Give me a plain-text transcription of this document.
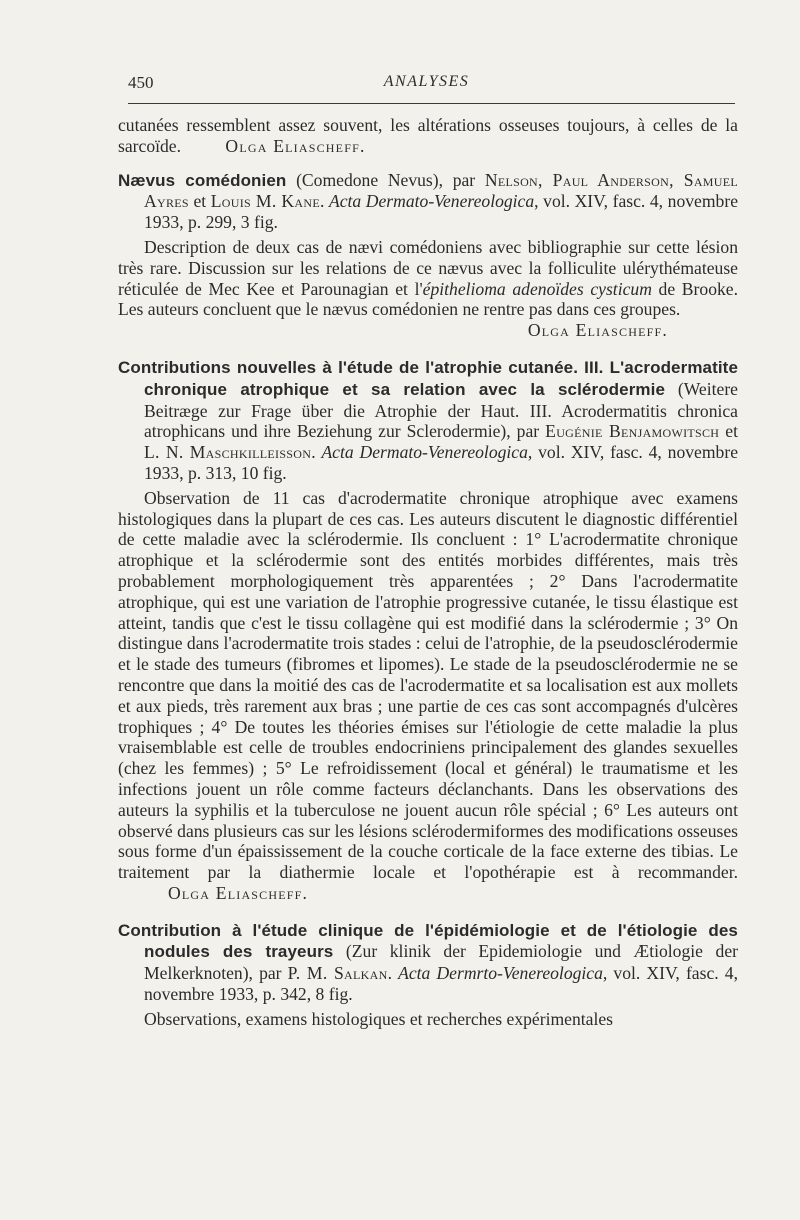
450	ANALYSES

cutanées ressemblent assez souvent, les altérations osseuses toujours, à celles de la sarcoïde.	Olga Eliascheff.

Nævus comédonien (Comedone Nevus), par Nelson, Paul Anderson, Samuel Ayres et Louis M. Kane. Acta Dermato-Venereologica, vol. XIV, fasc. 4, novembre 1933, p. 299, 3 fig.

Description de deux cas de nævi comédoniens avec bibliographie sur cette lésion très rare. Discussion sur les relations de ce nævus avec la folliculite ulérythémateuse réticulée de Mec Kee et Parounagian et l'épithelioma adenoïdes cysticum de Brooke. Les auteurs concluent que le nævus comédonien ne rentre pas dans ces groupes.

Olga Eliascheff.

Contributions nouvelles à l'étude de l'atrophie cutanée. III. L'acrodermatite chronique atrophique et sa relation avec la sclérodermie (Weitere Beitræge zur Frage über die Atrophie der Haut. III. Acrodermatitis chronica atrophicans und ihre Beziehung zur Sclerodermie), par Eugénie Benjamowitsch et L. N. Maschkilleisson. Acta Dermato-Venereologica, vol. XIV, fasc. 4, novembre 1933, p. 313, 10 fig.

Observation de 11 cas d'acrodermatite chronique atrophique avec examens histologiques dans la plupart de ces cas. Les auteurs discutent le diagnostic différentiel de cette maladie avec la sclérodermie. Ils concluent : 1° L'acrodermatite chronique atrophique et la sclérodermie sont des entités morbides différentes, mais très probablement morphologiquement très apparentées ; 2° Dans l'acrodermatite atrophique, qui est une variation de l'atrophie progressive cutanée, le tissu élastique est atteint, tandis que c'est le tissu collagène qui est modifié dans la sclérodermie ; 3° On distingue dans l'acrodermatite trois stades : celui de l'atrophie, de la pseudosclérodermie et le stade des tumeurs (fibromes et lipomes). Le stade de la pseudosclérodermie ne se rencontre que dans la moitié des cas de l'acrodermatite et sa localisation est aux mollets et aux pieds, très rarement aux bras ; une partie de ces cas sont accompagnés d'ulcères trophiques ; 4° De toutes les théories émises sur l'étiologie de cette maladie la plus vraisemblable est celle de troubles endocriniens principalement des glandes sexuelles (chez les femmes) ; 5° Le refroidissement (local et général) le traumatisme et les infections jouent un rôle comme facteurs déclanchants. Dans les observations des auteurs la syphilis et la tuberculose ne jouent aucun rôle spécial ; 6° Les auteurs ont observé dans plusieurs cas sur les lésions sclérodermiformes des modifications osseuses sous forme d'un épaississement de la couche corticale de la face externe des tibias. Le traitement par la diathermie locale et l'opothérapie est à recommander. Olga Eliascheff.

Contribution à l'étude clinique de l'épidémiologie et de l'étiologie des nodules des trayeurs (Zur klinik der Epidemiologie und Ætiologie der Melkerknoten), par P. M. Salkan. Acta Dermrto-Venereologica, vol. XIV, fasc. 4, novembre 1933, p. 342, 8 fig.

Observations, examens histologiques et recherches expérimentales
